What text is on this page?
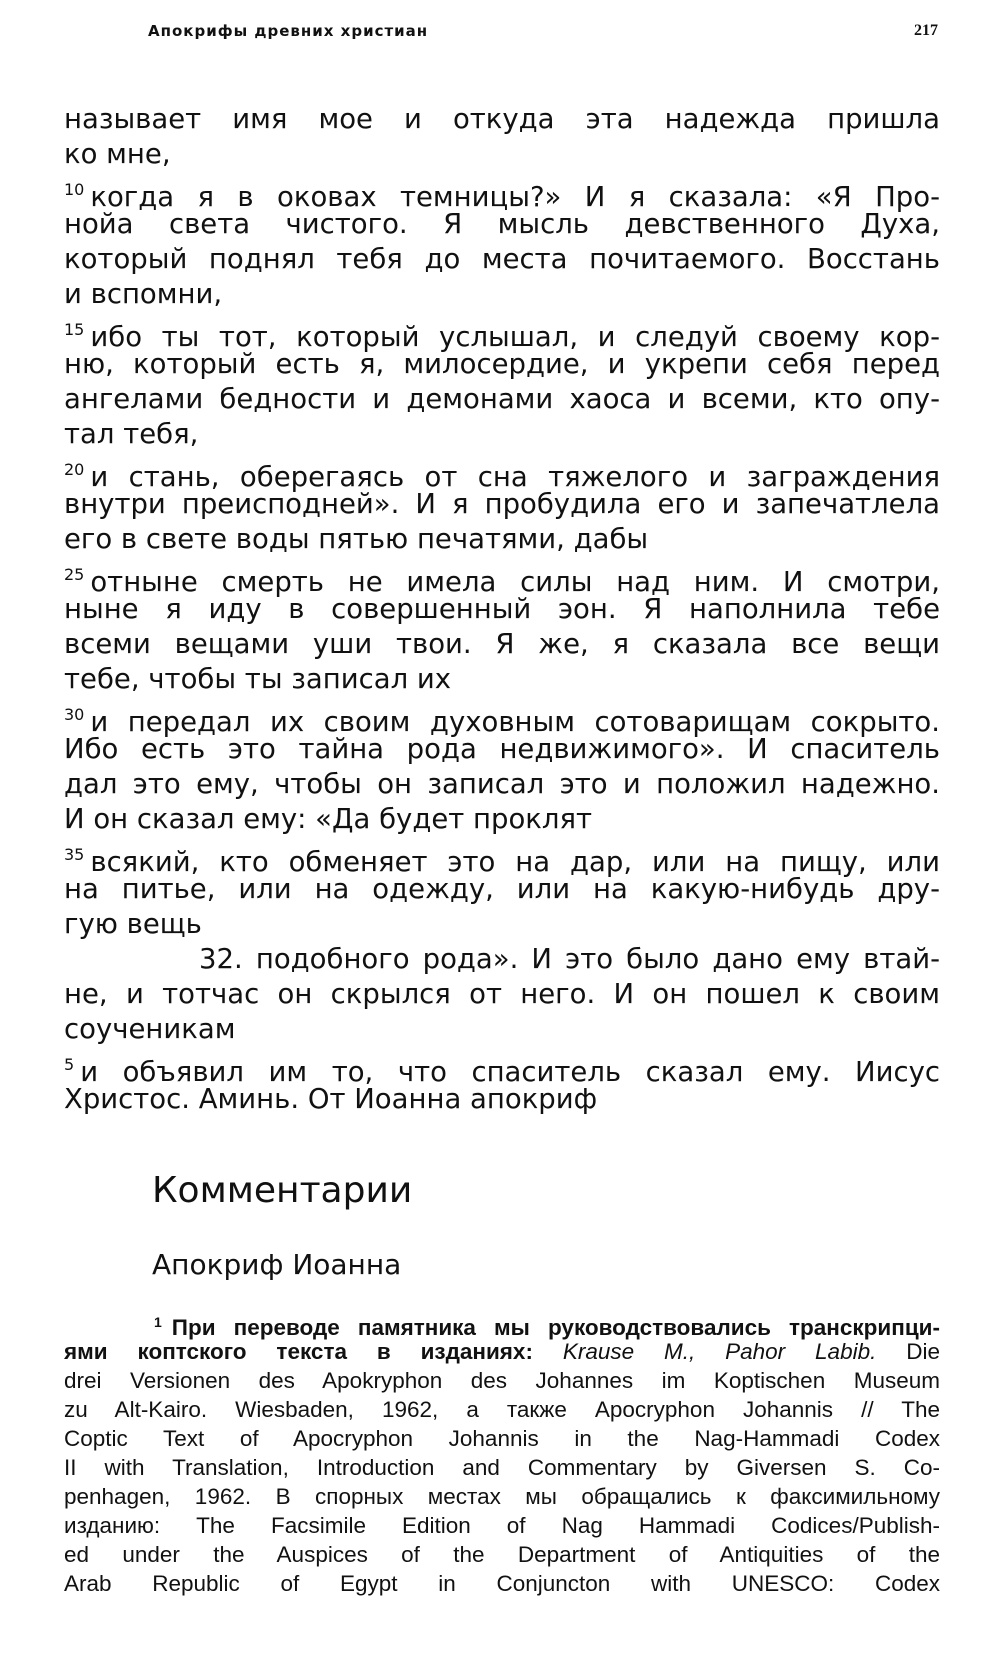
Апокрифы древних христиан	217
называет имя мое и откуда эта надежда пришла
ко мне,
$^{10}$ когда я в оковах темницы?» И я сказала: «Я Про-
нойа света чистого. Я мысль девственного Духа,
который поднял тебя до места почитаемого. Восстань
и вспомни,
$^{15}$ ибо ты тот, который услышал, и следуй своему кор-
ню, который есть я, милосердие, и укрепи себя перед
ангелами бедности и демонами хаоса и всеми, кто опу-
тал тебя,
$^{20}$ и стань, оберегаясь от сна тяжелого и заграждения
внутри преисподней». И я пробудила его и запечатлела
его в свете воды пятью печатями, дабы
$^{25}$ отныне смерть не имела силы над ним. И смотри,
ныне я иду в совершенный эон. Я наполнила тебе
всеми вещами уши твои. Я же, я сказала все вещи
тебе, чтобы ты записал их
$^{30}$ и передал их своим духовным сотоварищам сокрыто.
Ибо есть это тайна рода недвижимого». И спаситель
дал это ему, чтобы он записал это и положил надежно.
И он сказал ему: «Да будет проклят
$^{35}$ всякий, кто обменяет это на дар, или на пищу, или
на питье, или на одежду, или на какую-нибудь дру-
гую вещь
32. подобного рода». И это было дано ему втай-
не, и тотчас он скрылся от него. И он пошел к своим
соученикам
$^5$ и объявил им то, что спаситель сказал ему. Иисус
Христос. Аминь. От Иоанна апокриф
Комментарии
Апокриф Иоанна
$^1$ При переводе памятника мы руководствовались транскрипци-
ями коптского текста в изданиях: Krause M., Pahor Labib. Die
drei Versionen des Apokryphon des Johannes im Koptischen Museum
zu Alt-Kairo. Wiesbaden, 1962, а также Apocryphon Johannis // The
Coptic Text of Apocryphon Johannis in the Nag-Hammadi Codex
II with Translation, Introduction and Commentary by Giversen S. Co-
penhagen, 1962. В спорных местах мы обращались к факсимильному
изданию: The Facsimile Edition of Nag Hammadi Codices/Publish-
ed under the Auspices of the Department of Antiquities of the
Arab Republic of Egypt in Conjuncton with UNESCO: Codex
